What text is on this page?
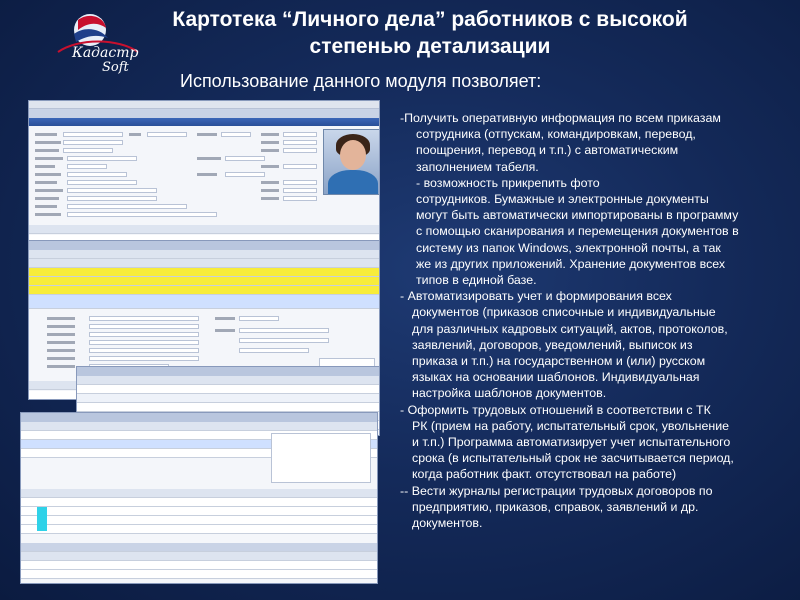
Кадастр
Soft
Картотека “Личного дела” работников с высокой степенью детализации
Использование данного модуля позволяет:

-Получить оперативную информация по всем приказам

сотрудника (отпускам, командировкам, перевод,

поощрения, перевод и т.п.) с автоматическим

заполнением табеля.

- возможность прикрепить фото

сотрудников. Бумажные и электронные документы

могут быть автоматически импортированы в программу

с помощью сканирования и перемещения документов в

систему из папок Windows, электронной почты, а так

же из других приложений. Хранение документов всех

типов в единой базе.

- Автоматизировать учет и формирования всех

документов (приказов списочные и индивидуальные

для различных кадровых ситуаций, актов, протоколов,

заявлений, договоров, уведомлений, выписок из

приказа и т.п.) на государственном и (или) русском

языках на основании шаблонов. Индивидуальная

настройка шаблонов документов.

- Оформить трудовых отношений в соответствии с ТК

РК (прием на работу, испытательный срок, увольнение

и т.п.) Программа автоматизирует учет испытательного

срока (в испытательный срок не засчитывается период,

когда работник факт. отсутствовал на работе)

-- Вести журналы регистрации трудовых договоров по

предприятию, приказов, справок, заявлений и др.

документов.
